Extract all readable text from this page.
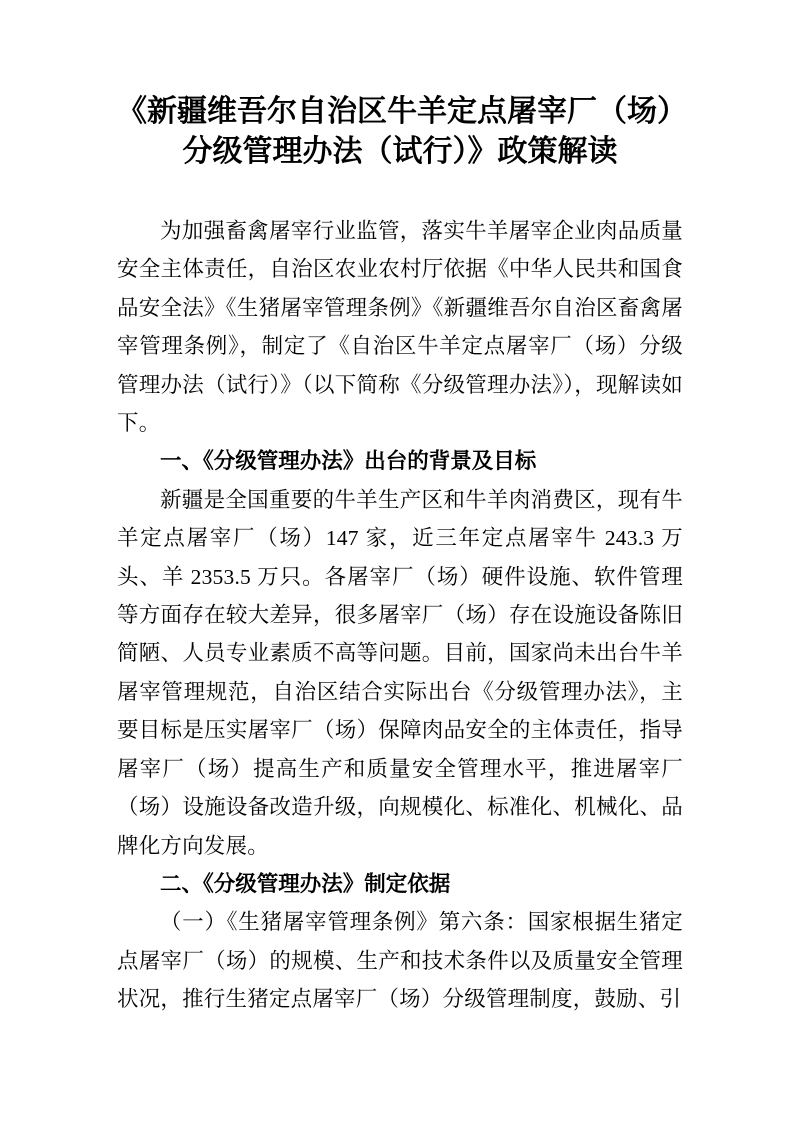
《新疆维吾尔自治区牛羊定点屠宰厂（场）
分级管理办法（试行）》政策解读

为加强畜禽屠宰行业监管，落实牛羊屠宰企业肉品质量安全主体责任，自治区农业农村厅依据《中华人民共和国食品安全法》《生猪屠宰管理条例》《新疆维吾尔自治区畜禽屠宰管理条例》，制定了《自治区牛羊定点屠宰厂（场）分级管理办法（试行）》（以下简称《分级管理办法》），现解读如下。

一、《分级管理办法》出台的背景及目标

新疆是全国重要的牛羊生产区和牛羊肉消费区，现有牛羊定点屠宰厂（场）147 家，近三年定点屠宰牛 243.3 万头、羊 2353.5 万只。各屠宰厂（场）硬件设施、软件管理等方面存在较大差异，很多屠宰厂（场）存在设施设备陈旧简陋、人员专业素质不高等问题。目前，国家尚未出台牛羊屠宰管理规范，自治区结合实际出台《分级管理办法》，主要目标是压实屠宰厂（场）保障肉品安全的主体责任，指导屠宰厂（场）提高生产和质量安全管理水平，推进屠宰厂（场）设施设备改造升级，向规模化、标准化、机械化、品牌化方向发展。

二、《分级管理办法》制定依据

（一）《生猪屠宰管理条例》第六条：国家根据生猪定点屠宰厂（场）的规模、生产和技术条件以及质量安全管理状况，推行生猪定点屠宰厂（场）分级管理制度，鼓励、引
